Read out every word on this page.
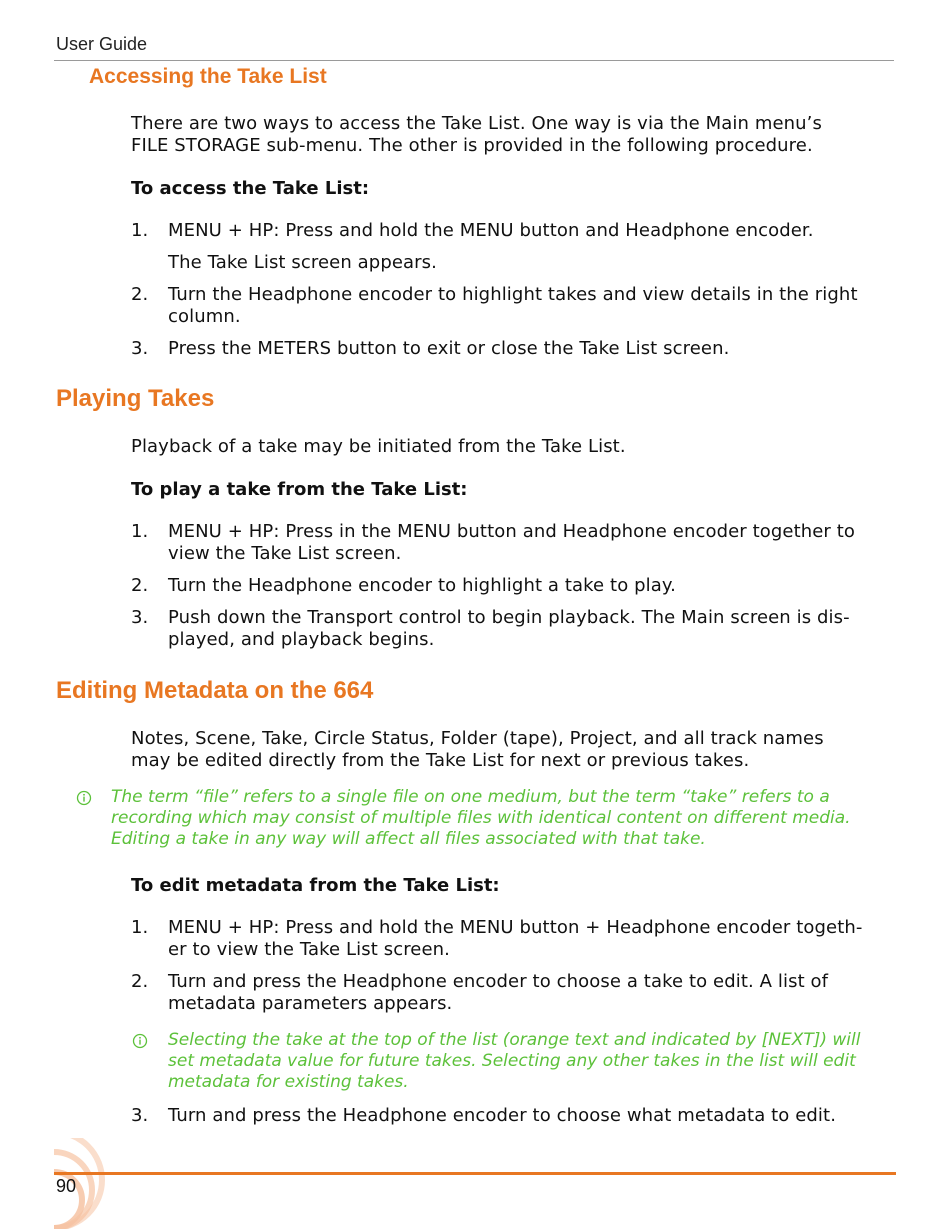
User Guide
Accessing the Take List
There are two ways to access the Take List. One way is via the Main menu’s
FILE STORAGE sub-menu. The other is provided in the following procedure.
To access the Take List:
1.	MENU + HP: Press and hold the MENU button and Headphone encoder.
The Take List screen appears.
2.	Turn the Headphone encoder to highlight takes and view details in the right column.
3.	Press the METERS button to exit or close the Take List screen.
Playing Takes
Playback of a take may be initiated from the Take List.
To play a take from the Take List:
1.	MENU + HP: Press in the MENU button and Headphone encoder together to
view the Take List screen.
2.	Turn the Headphone encoder to highlight a take to play.
3.	Push down the Transport control to begin playback. The Main screen is dis-
played, and playback begins.
Editing Metadata on the 664
Notes, Scene, Take, Circle Status, Folder (tape), Project, and all track names
may be edited directly from the Take List for next or previous takes.
The term “file” refers to a single file on one medium, but the term “take” refers to a
recording which may consist of multiple files with identical content on different media.
Editing a take in any way will affect all files associated with that take.
To edit metadata from the Take List:
1.	MENU + HP: Press and hold the MENU button + Headphone encoder togeth-
er to view the Take List screen.
2.	Turn and press the Headphone encoder to choose a take to edit. A list of
metadata parameters appears.
Selecting the take at the top of the list (orange text and indicated by [NEXT]) will
set metadata value for future takes. Selecting any other takes in the list will edit
metadata for existing takes.
3.	Turn and press the Headphone encoder to choose what metadata to edit.
90
